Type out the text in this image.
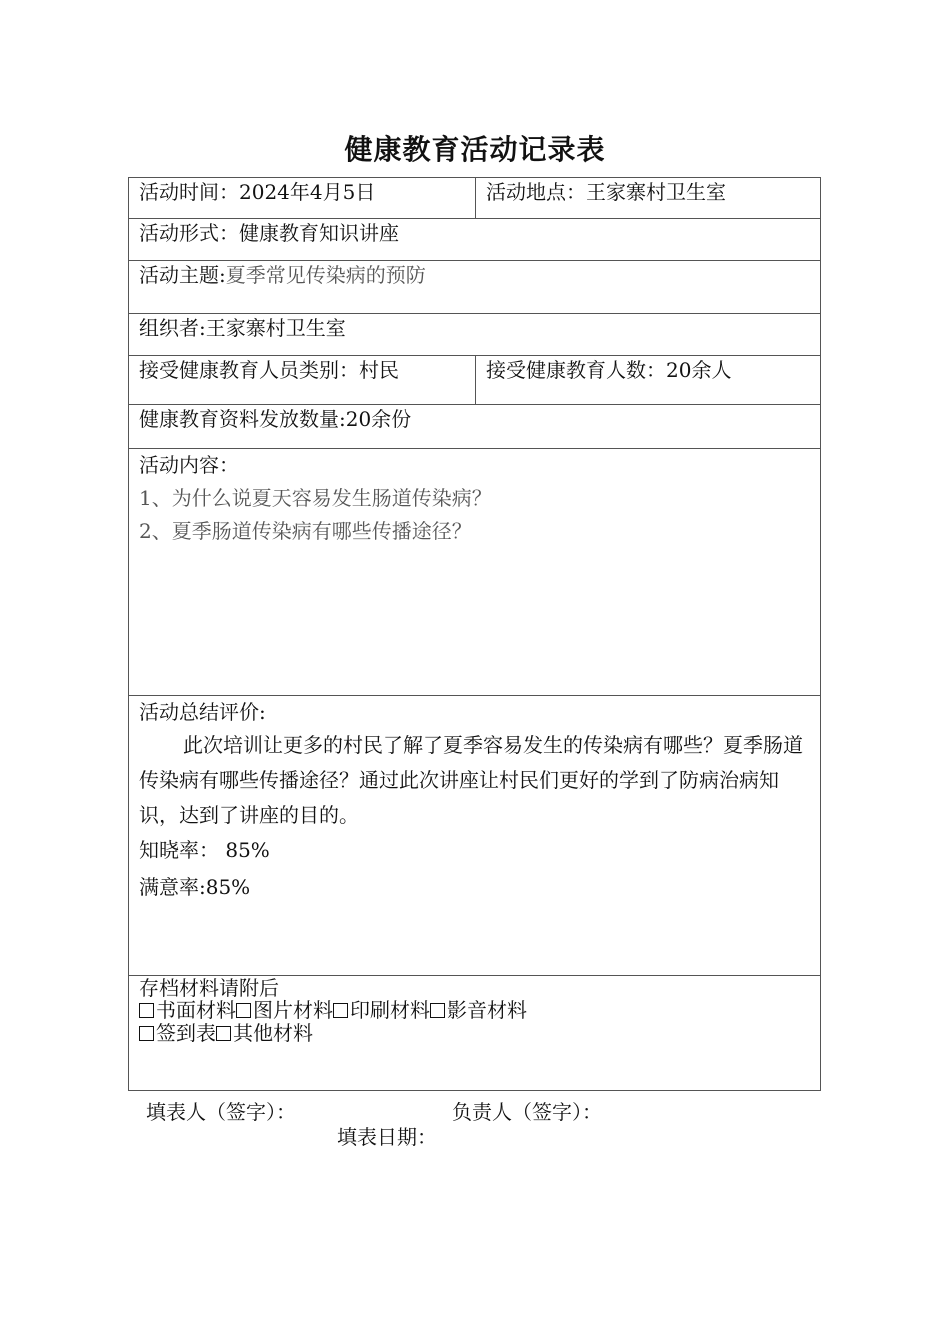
健康教育活动记录表
活动时间：2024年4月5日	活动地点：王家寨村卫生室
活动形式：健康教育知识讲座
活动主题:夏季常见传染病的预防
组织者:王家寨村卫生室
接受健康教育人员类别：村民	接受健康教育人数：20余人
健康教育资料发放数量:20余份
活动内容：
1、为什么说夏天容易发生肠道传染病？
2、夏季肠道传染病有哪些传播途径？
活动总结评价:
此次培训让更多的村民了解了夏季容易发生的传染病有哪些？夏季肠道传染病有哪些传播途径？通过此次讲座让村民们更好的学到了防病治病知识，达到了讲座的目的。
知晓率： 85%
满意率:85%
存档材料请附后
书面材料 图片材料 印刷材料 影音材料
签到表 其他材料
填表人（签字）：	负责人（签字）：
填表日期：
